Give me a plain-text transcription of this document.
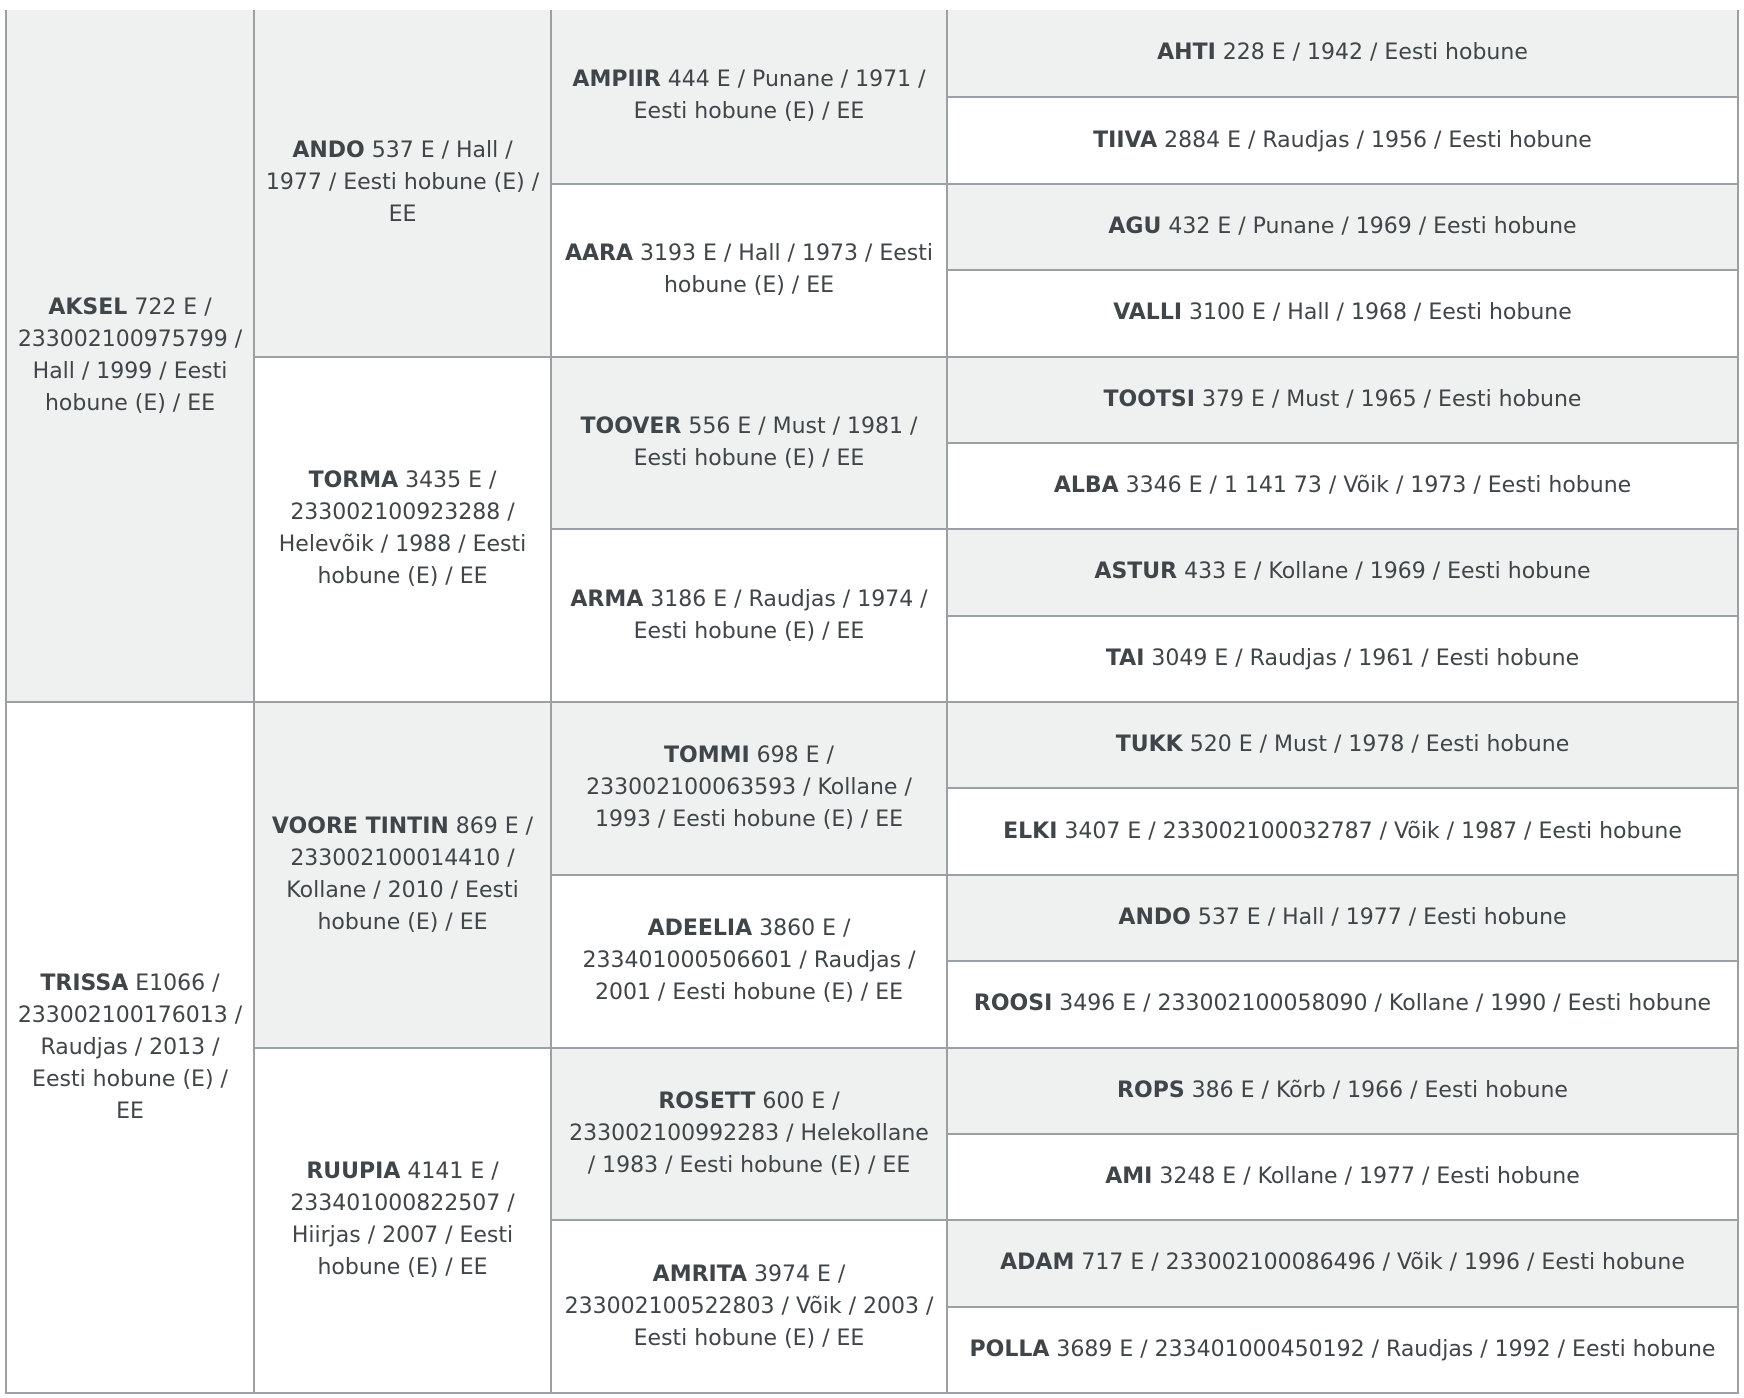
AKSEL 722 E / 233002100975799 / Hall / 1999 / Eesti hobune (E) / EE
TRISSA E1066 / 233002100176013 / Raudjas / 2013 / Eesti hobune (E) / EE
ANDO 537 E / Hall / 1977 / Eesti hobune (E) / EE
TORMA 3435 E / 233002100923288 / Helevõik / 1988 / Eesti hobune (E) / EE
VOORE TINTIN 869 E / 233002100014410 / Kollane / 2010 / Eesti hobune (E) / EE
RUUPIA 4141 E / 233401000822507 / Hiirjas / 2007 / Eesti hobune (E) / EE
AMPIIR 444 E / Punane / 1971 / Eesti hobune (E) / EE
AARA 3193 E / Hall / 1973 / Eesti hobune (E) / EE
TOOVER 556 E / Must / 1981 / Eesti hobune (E) / EE
ARMA 3186 E / Raudjas / 1974 / Eesti hobune (E) / EE
TOMMI 698 E / 233002100063593 / Kollane / 1993 / Eesti hobune (E) / EE
ADEELIA 3860 E / 233401000506601 / Raudjas / 2001 / Eesti hobune (E) / EE
ROSETT 600 E / 233002100992283 / Helekollane / 1983 / Eesti hobune (E) / EE
AMRITA 3974 E / 233002100522803 / Võik / 2003 / Eesti hobune (E) / EE
AHTI 228 E / 1942 / Eesti hobune
TIIVA 2884 E / Raudjas / 1956 / Eesti hobune
AGU 432 E / Punane / 1969 / Eesti hobune
VALLI 3100 E / Hall / 1968 / Eesti hobune
TOOTSI 379 E / Must / 1965 / Eesti hobune
ALBA 3346 E / 1 141 73 / Võik / 1973 / Eesti hobune
ASTUR 433 E / Kollane / 1969 / Eesti hobune
TAI 3049 E / Raudjas / 1961 / Eesti hobune
TUKK 520 E / Must / 1978 / Eesti hobune
ELKI 3407 E / 233002100032787 / Võik / 1987 / Eesti hobune
ANDO 537 E / Hall / 1977 / Eesti hobune
ROOSI 3496 E / 233002100058090 / Kollane / 1990 / Eesti hobune
ROPS 386 E / Kõrb / 1966 / Eesti hobune
AMI 3248 E / Kollane / 1977 / Eesti hobune
ADAM 717 E / 233002100086496 / Võik / 1996 / Eesti hobune
POLLA 3689 E / 233401000450192 / Raudjas / 1992 / Eesti hobune
